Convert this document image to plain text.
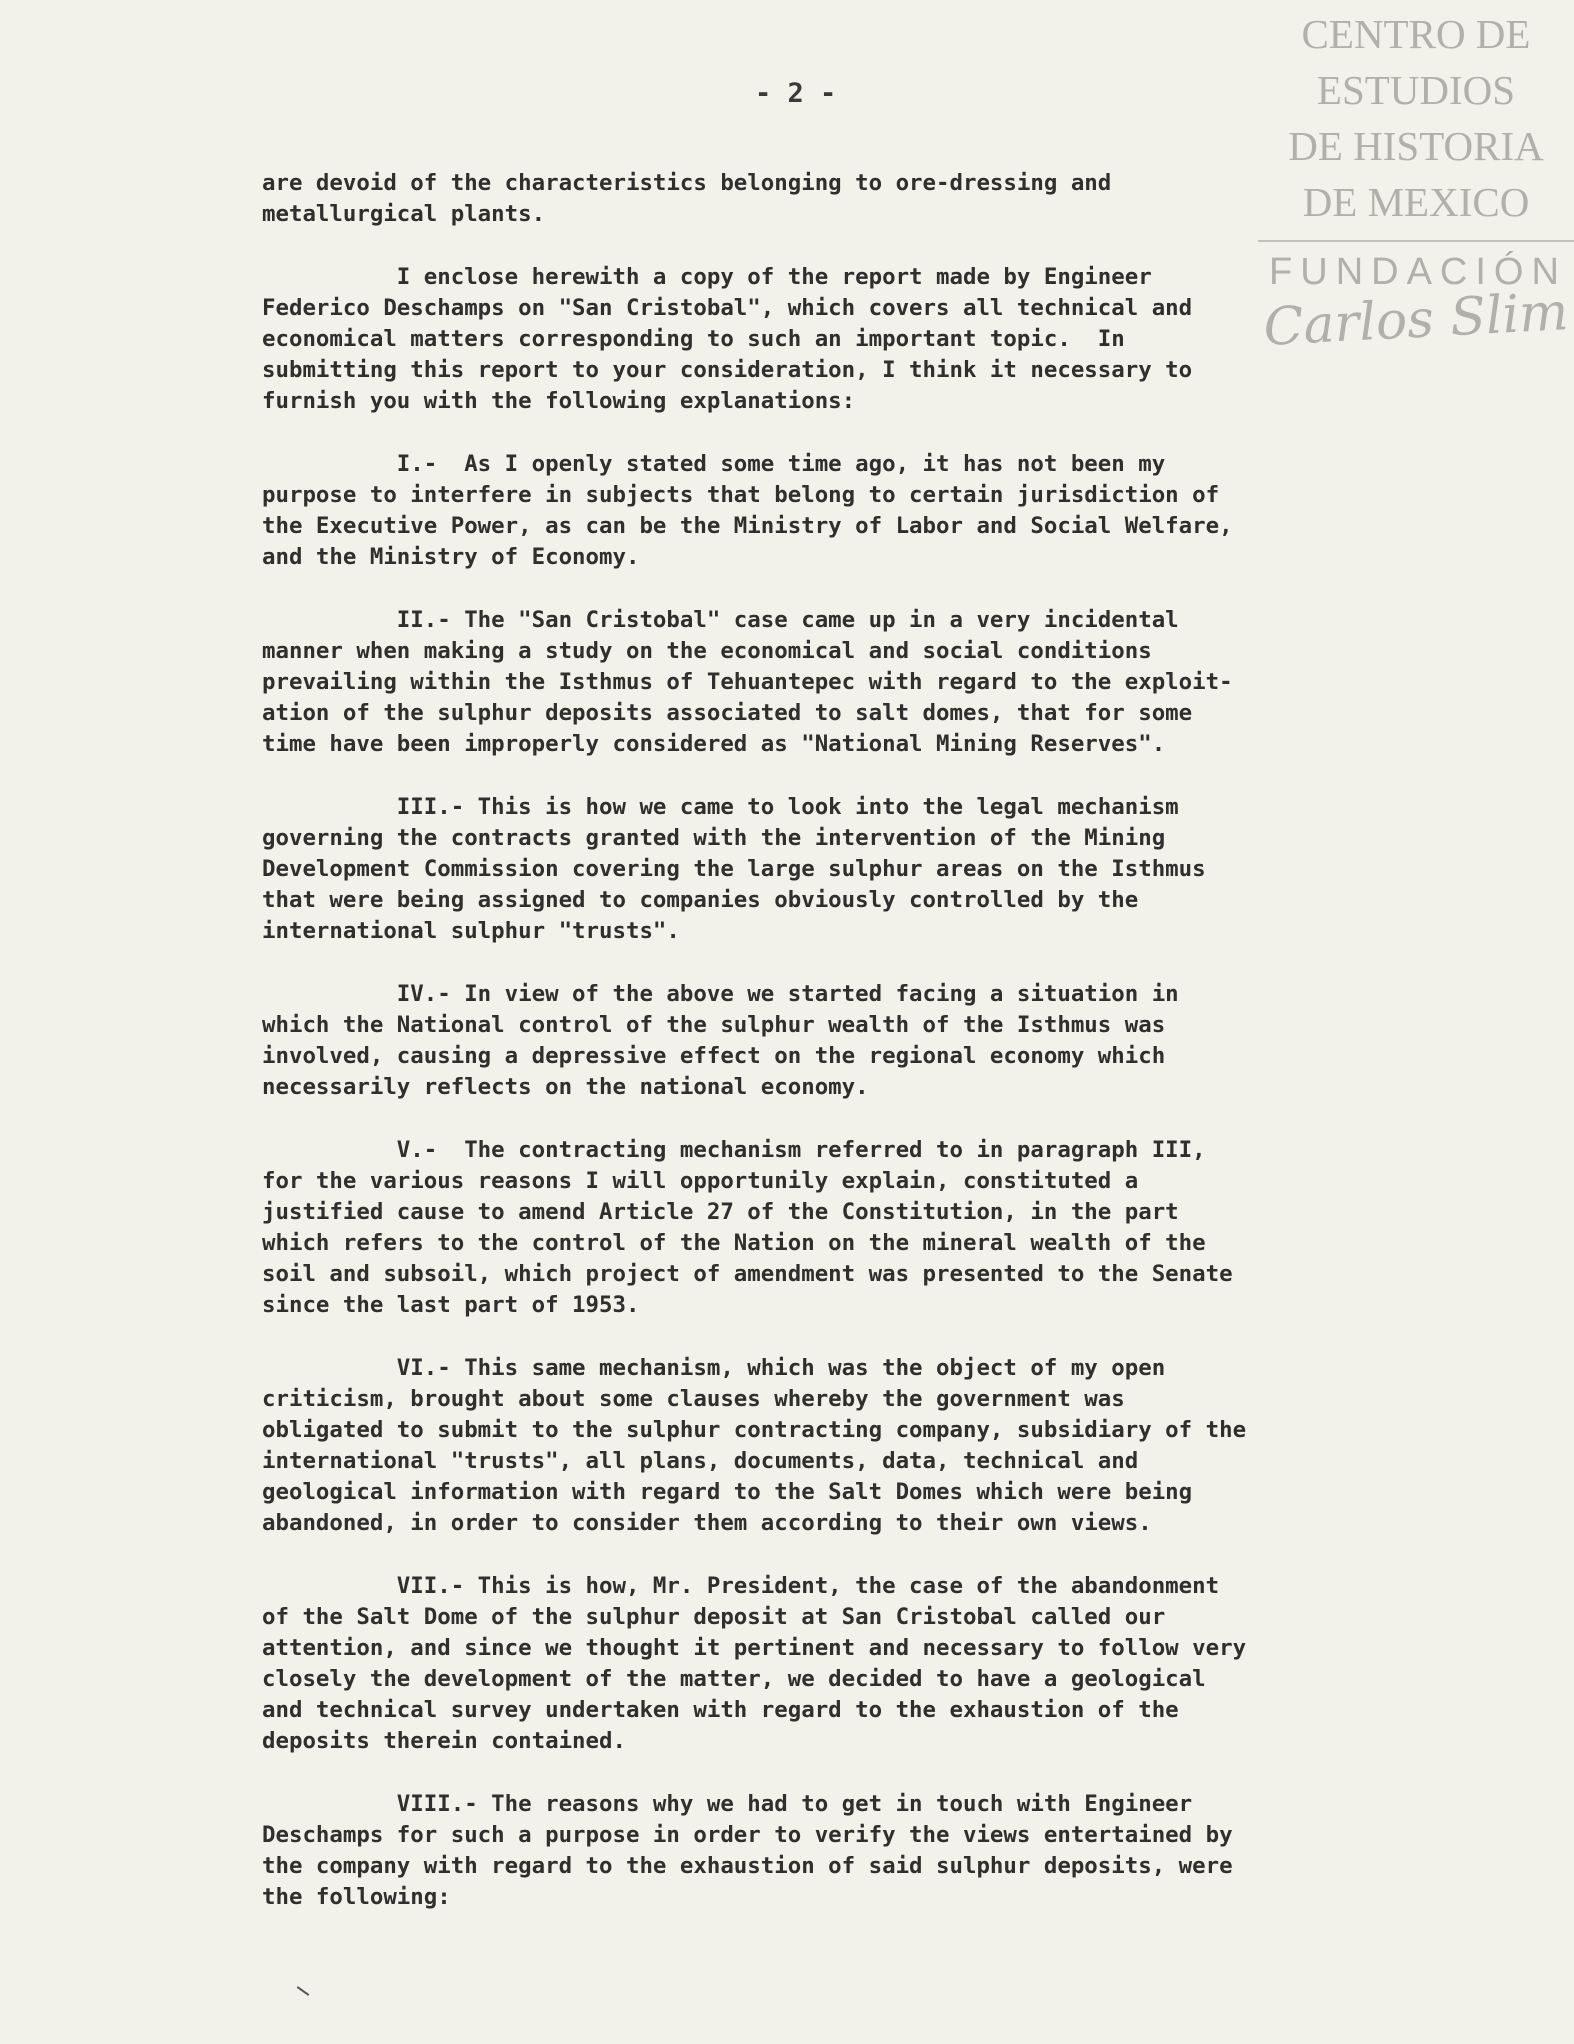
- 2 -
CENTRO DE
ESTUDIOS
DE HISTORIA
DE MEXICO
FUNDACIÓN
Carlos Slim
are devoid of the characteristics belonging to ore-dressing and
metallurgical plants.
I enclose herewith a copy of the report made by Engineer
Federico Deschamps on "San Cristobal", which covers all technical and
economical matters corresponding to such an important topic.  In
submitting this report to your consideration, I think it necessary to
furnish you with the following explanations:
I.-  As I openly stated some time ago, it has not been my
purpose to interfere in subjects that belong to certain jurisdiction of
the Executive Power, as can be the Ministry of Labor and Social Welfare,
and the Ministry of Economy.
II.- The "San Cristobal" case came up in a very incidental
manner when making a study on the economical and social conditions
prevailing within the Isthmus of Tehuantepec with regard to the exploit-
ation of the sulphur deposits associated to salt domes, that for some
time have been improperly considered as "National Mining Reserves".
III.- This is how we came to look into the legal mechanism
governing the contracts granted with the intervention of the Mining
Development Commission covering the large sulphur areas on the Isthmus
that were being assigned to companies obviously controlled by the
international sulphur "trusts".
IV.- In view of the above we started facing a situation in
which the National control of the sulphur wealth of the Isthmus was
involved, causing a depressive effect on the regional economy which
necessarily reflects on the national economy.
V.-  The contracting mechanism referred to in paragraph III,
for the various reasons I will opportunily explain, constituted a
justified cause to amend Article 27 of the Constitution, in the part
which refers to the control of the Nation on the mineral wealth of the
soil and subsoil, which project of amendment was presented to the Senate
since the last part of 1953.
VI.- This same mechanism, which was the object of my open
criticism, brought about some clauses whereby the government was
obligated to submit to the sulphur contracting company, subsidiary of the
international "trusts", all plans, documents, data, technical and
geological information with regard to the Salt Domes which were being
abandoned, in order to consider them according to their own views.
VII.- This is how, Mr. President, the case of the abandonment
of the Salt Dome of the sulphur deposit at San Cristobal called our
attention, and since we thought it pertinent and necessary to follow very
closely the development of the matter, we decided to have a geological
and technical survey undertaken with regard to the exhaustion of the
deposits therein contained.
VIII.- The reasons why we had to get in touch with Engineer
Deschamps for such a purpose in order to verify the views entertained by
the company with regard to the exhaustion of said sulphur deposits, were
the following:
